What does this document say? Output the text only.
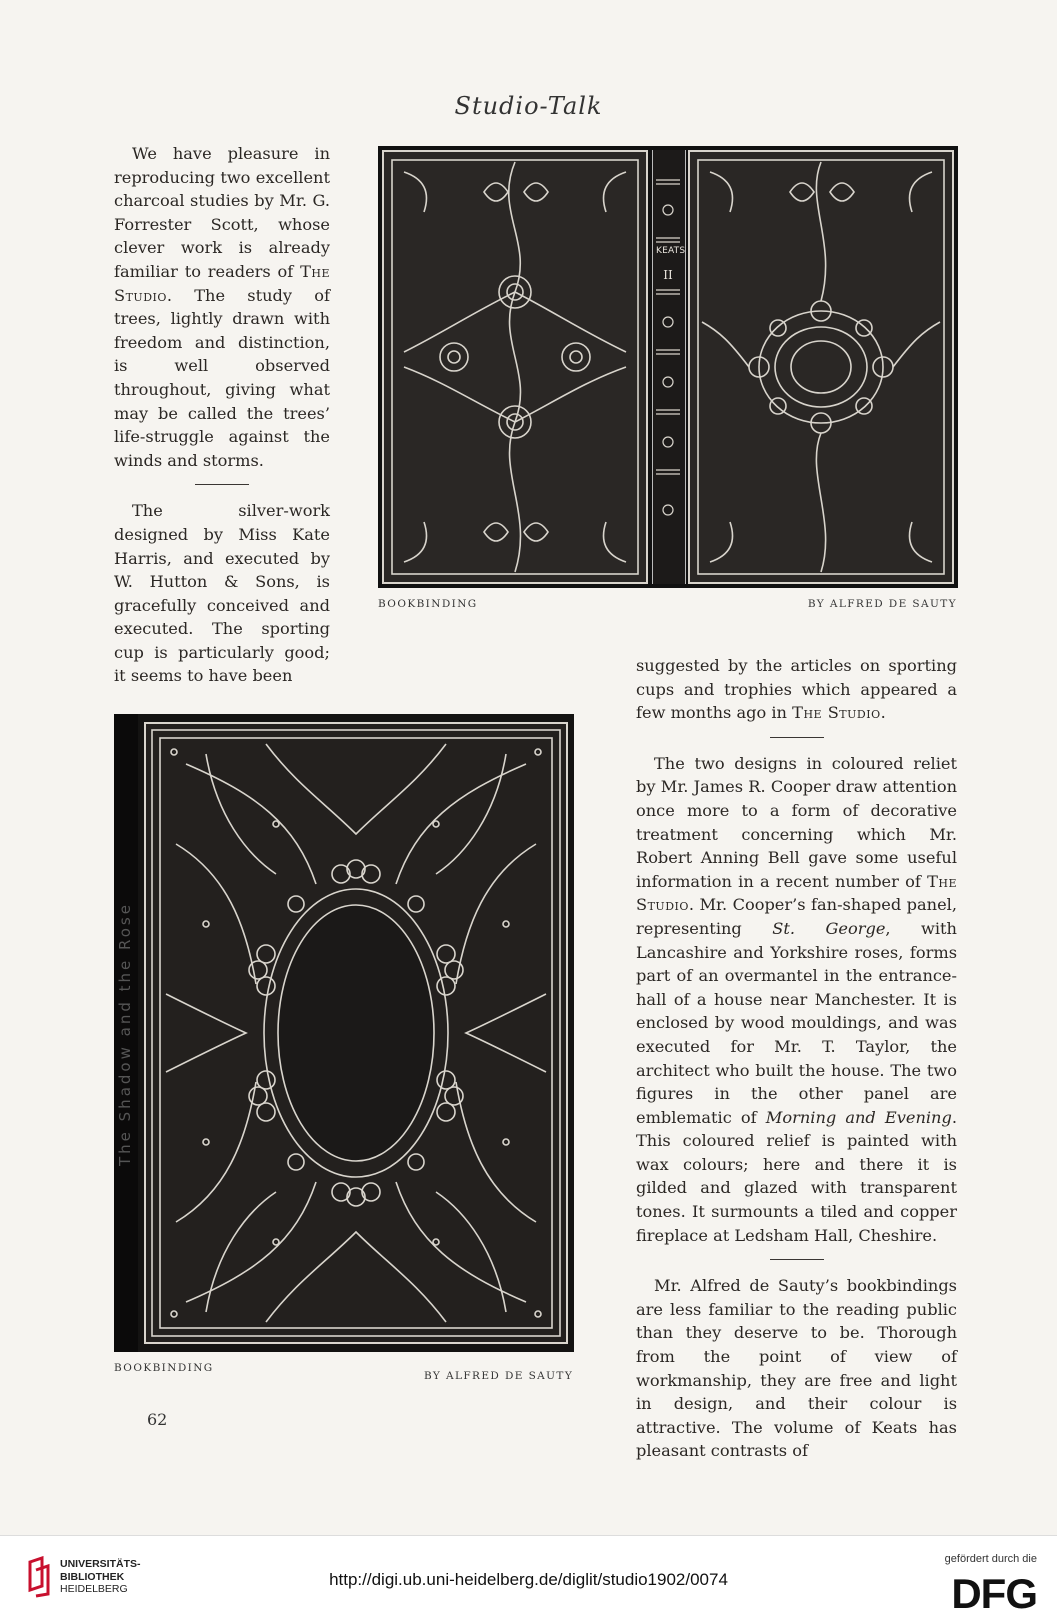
Studio-Talk

We have pleasure in reproducing two excellent charcoal studies by Mr. G. Forrester Scott, whose clever work is already familiar to readers of The Studio. The study of trees, lightly drawn with freedom and distinction, is well observed throughout, giving what may be called the trees’ life-struggle against the winds and storms.

The silver-work designed by Miss Kate Harris, and executed by W. Hutton & Sons, is gracefully conceived and executed. The sporting cup is particularly good; it seems to have been

KEATS
II
BOOKBINDING	BY ALFRED DE SAUTY

suggested by the articles on sporting cups and trophies which appeared a few months ago in The Studio.

The two designs in coloured reliet by Mr. James R. Cooper draw attention once more to a form of decorative treatment concerning which Mr. Robert Anning Bell gave some useful information in a recent number of The Studio. Mr. Cooper’s fan-shaped panel, representing St. George, with Lancashire and Yorkshire roses, forms part of an overmantel in the entrance-hall of a house near Manchester. It is enclosed by wood mouldings, and was executed for Mr. T. Taylor, the architect who built the house. The two figures in the other panel are emblematic of Morning and Evening. This coloured relief is painted with wax colours; here and there it is gilded and glazed with transparent tones. It surmounts a tiled and copper fireplace at Ledsham Hall, Cheshire.

Mr. Alfred de Sauty’s bookbindings are less familiar to the reading public than they deserve to be. Thorough from the point of view of workmanship, they are free and light in design, and their colour is attractive. The volume of Keats has pleasant contrasts of

The Shadow and the Rose
BOOKBINDING
BY ALFRED DE SAUTY
62
UNIVERSITÄTS-
BIBLIOTHEK
HEIDELBERG	http://digi.ub.uni-heidelberg.de/diglit/studio1902/0074
gefördert durch die
DFG
